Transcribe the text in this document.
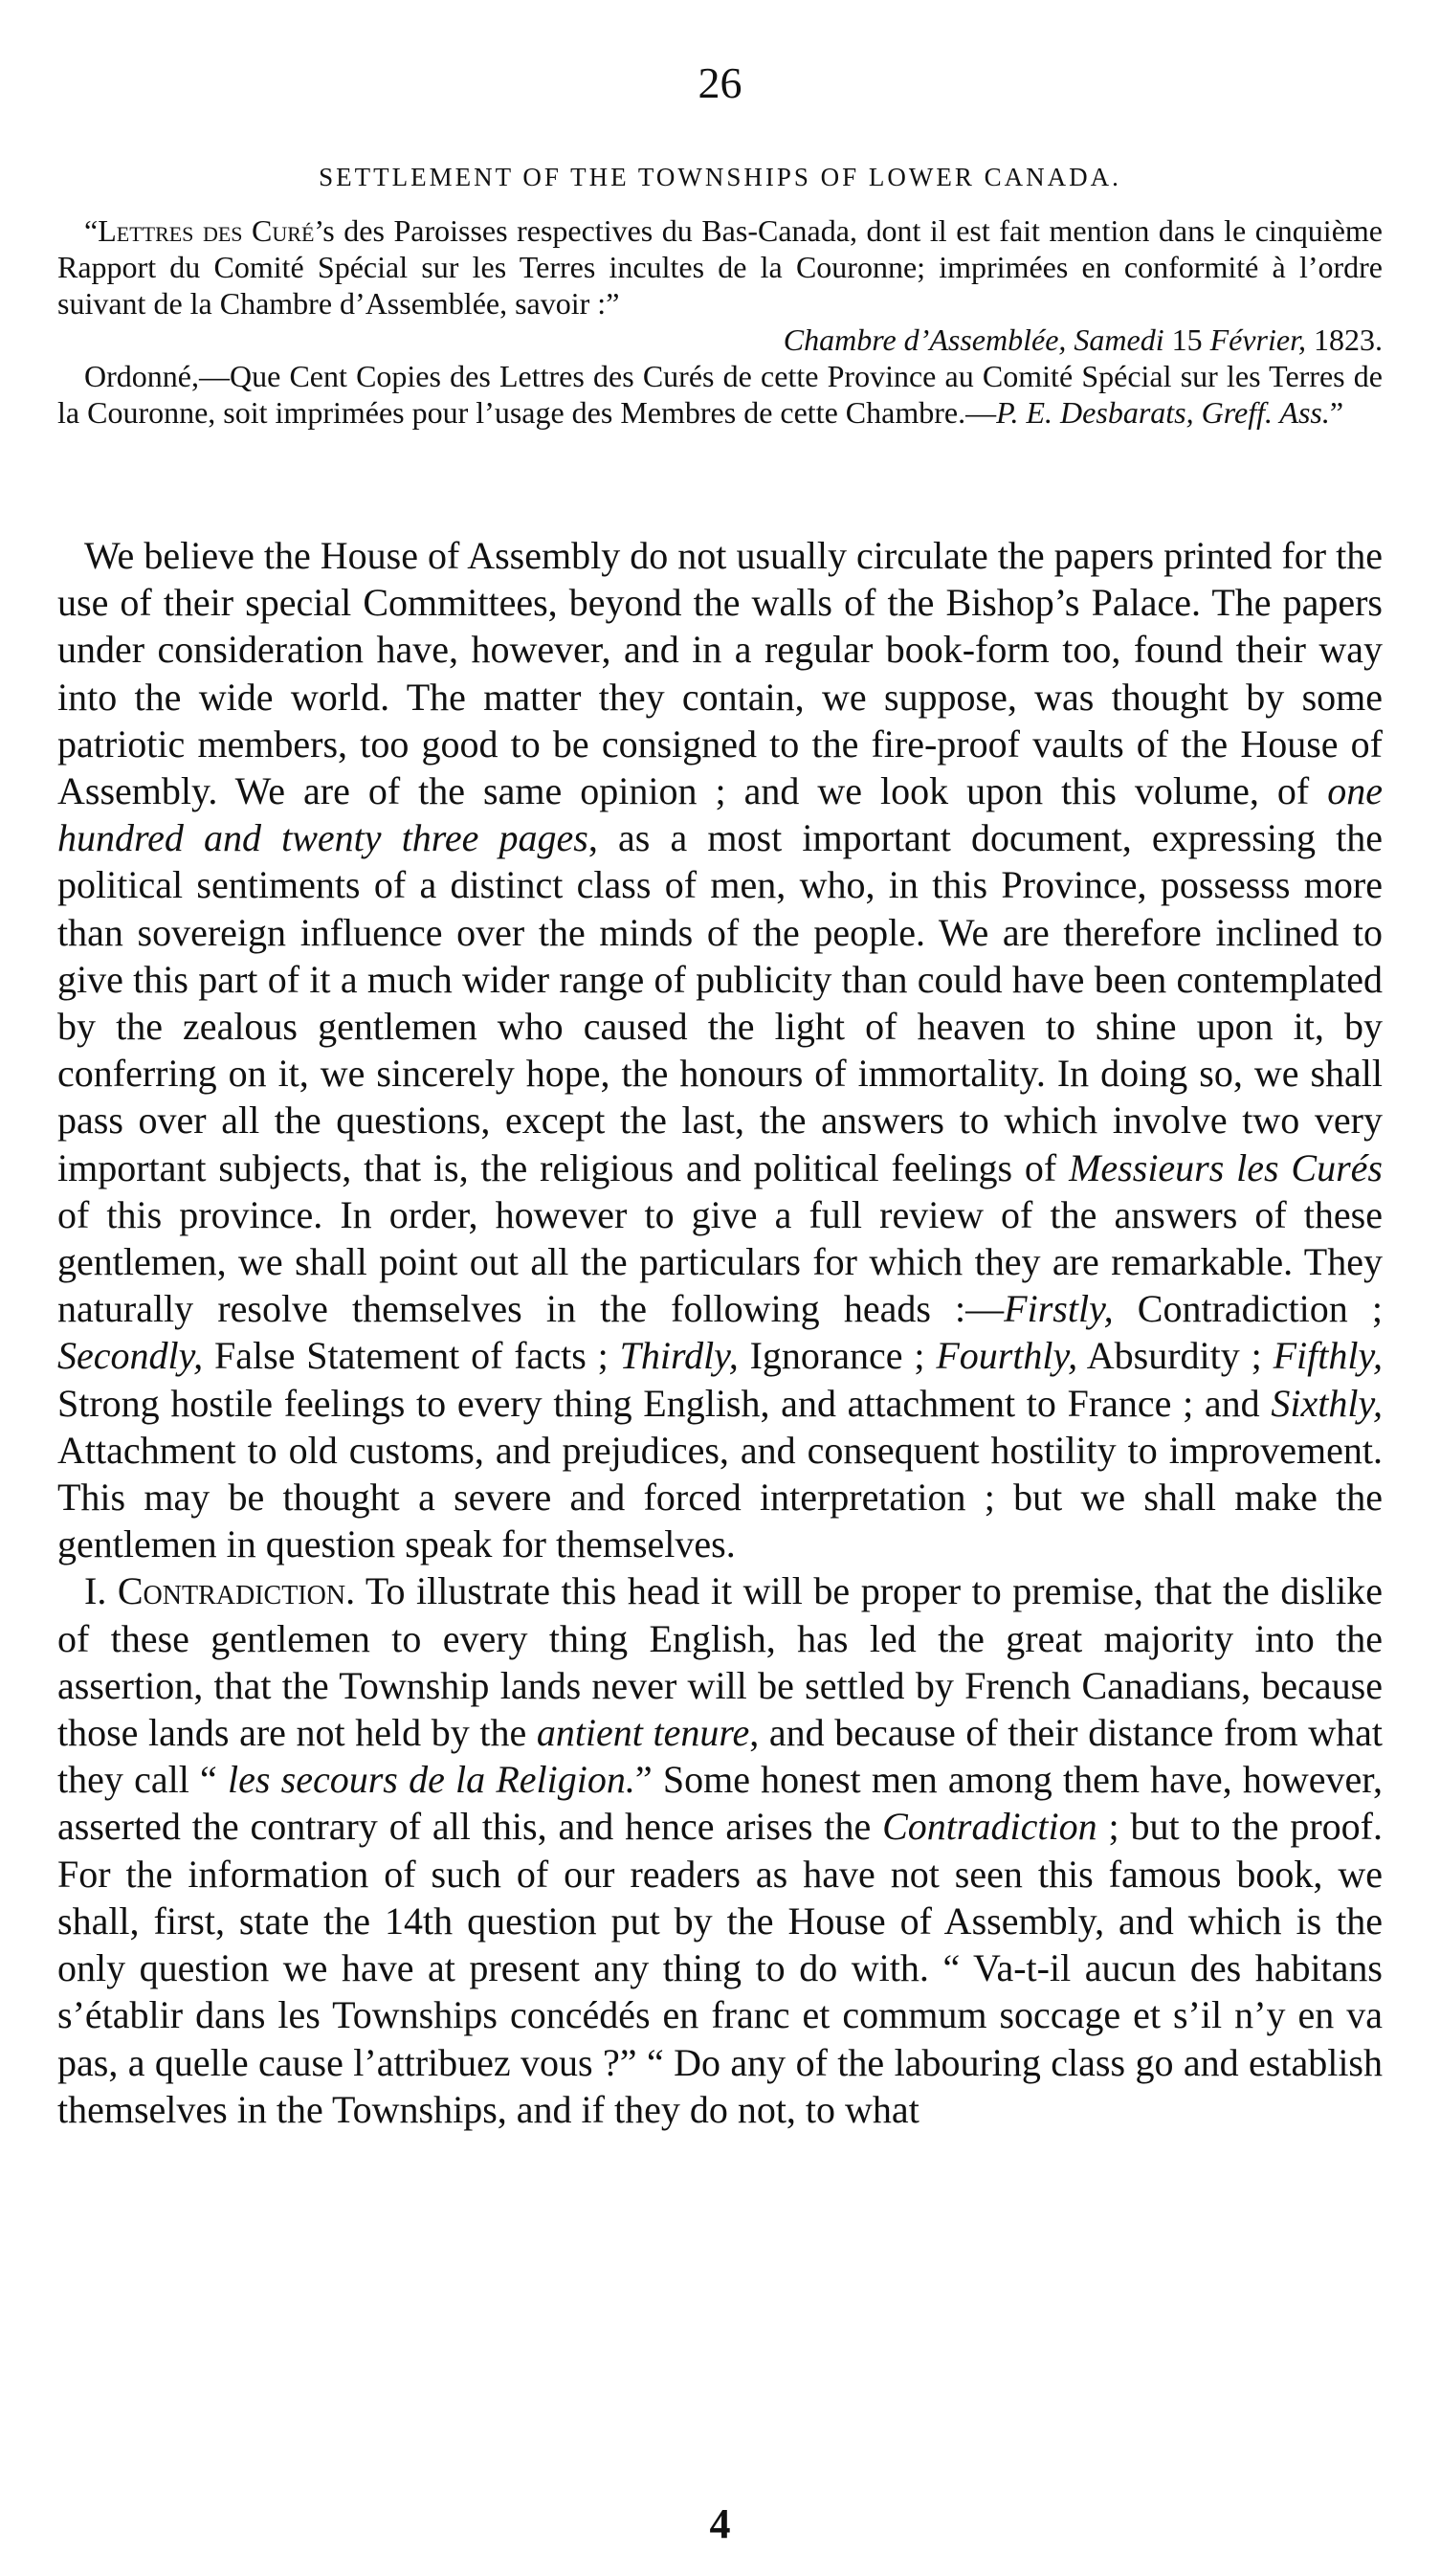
26
SETTLEMENT OF THE TOWNSHIPS OF LOWER CANADA.

“Lettres des Curé’s des Paroisses respectives du Bas-Canada, dont il est fait mention dans le cinquième Rapport du Comité Spécial sur les Terres incultes de la Couronne; imprimées en conformité à l’ordre suivant de la Chambre d’Assemblée, savoir :”

Chambre d’Assemblée, Samedi 15 Février, 1823.

Ordonné,—Que Cent Copies des Lettres des Curés de cette Province au Comité Spécial sur les Terres de la Couronne, soit imprimées pour l’usage des Membres de cette Chambre.—P. E. Desbarats, Greff. Ass.”

We believe the House of Assembly do not usually circulate the papers printed for the use of their special Committees, beyond the walls of the Bishop’s Palace. The papers under consideration have, however, and in a regular book-form too, found their way into the wide world. The matter they contain, we suppose, was thought by some patriotic members, too good to be consigned to the fire-proof vaults of the House of Assembly. We are of the same opinion ; and we look upon this volume, of one hundred and twenty three pages, as a most important document, expressing the political sentiments of a distinct class of men, who, in this Province, possesss more than sovereign influence over the minds of the people. We are therefore inclined to give this part of it a much wider range of publicity than could have been contemplated by the zealous gentlemen who caused the light of heaven to shine upon it, by conferring on it, we sincerely hope, the honours of immortality. In doing so, we shall pass over all the questions, except the last, the answers to which involve two very important subjects, that is, the religious and political feelings of Messieurs les Curés of this province. In order, however to give a full review of the answers of these gentlemen, we shall point out all the particulars for which they are remarkable. They naturally resolve themselves in the following heads :—Firstly, Contradiction ; Secondly, False Statement of facts ; Thirdly, Ignorance ; Fourthly, Absurdity ; Fifthly, Strong hostile feelings to every thing English, and attachment to France ; and Sixthly, Attachment to old customs, and prejudices, and consequent hostility to improvement. This may be thought a severe and forced interpretation ; but we shall make the gentlemen in question speak for themselves.

I. Contradiction. To illustrate this head it will be proper to premise, that the dislike of these gentlemen to every thing English, has led the great majority into the assertion, that the Township lands never will be settled by French Canadians, because those lands are not held by the antient tenure, and because of their distance from what they call “ les secours de la Religion.” Some honest men among them have, however, asserted the contrary of all this, and hence arises the Contradiction ; but to the proof. For the information of such of our readers as have not seen this famous book, we shall, first, state the 14th question put by the House of Assembly, and which is the only question we have at present any thing to do with. “ Va-t-il aucun des habitans s’établir dans les Townships concédés en franc et commum soccage et s’il n’y en va pas, a quelle cause l’attribuez vous ?” “ Do any of the labouring class go and establish themselves in the Townships, and if they do not, to what

4
